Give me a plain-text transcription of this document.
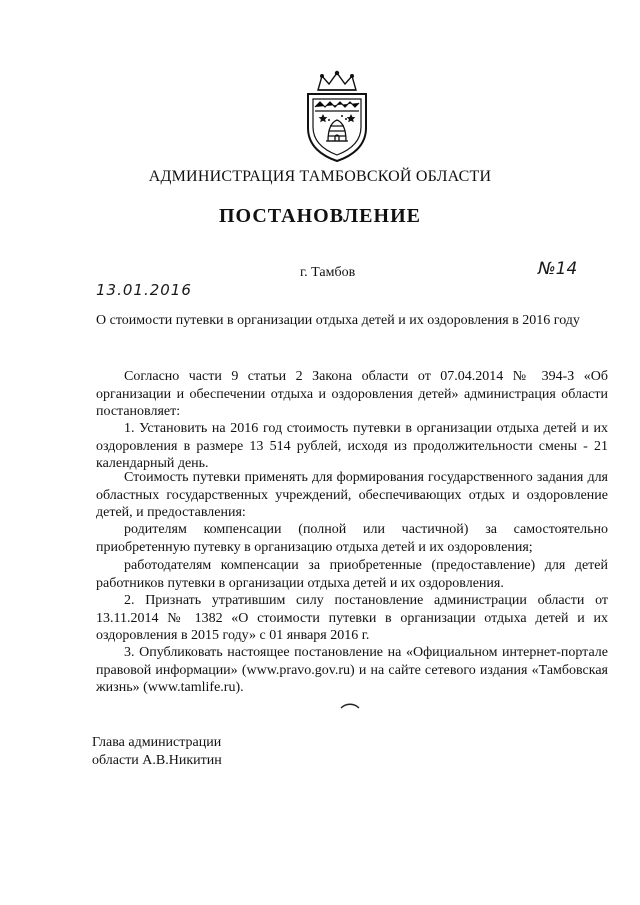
АДМИНИСТРАЦИЯ ТАМБОВСКОЙ ОБЛАСТИ
ПОСТАНОВЛЕНИЕ
г. Тамбов
13.01.2016
№14

О стоимости путевки в организации отдыха детей и их оздоровления в 2016 году

Согласно части 9 статьи 2 Закона области от 07.04.2014 № 394-З «Об организации и обеспечении отдыха и оздоровления детей» администрация области постановляет:

1. Установить на 2016 год стоимость путевки в организации отдыха детей и их оздоровления в размере 13 514 рублей, исходя из продолжительности смены - 21 календарный день.

Стоимость путевки применять для формирования государственного задания для областных государственных учреждений, обеспечивающих отдых и оздоровление детей, и предоставления:

родителям компенсации (полной или частичной) за самостоятельно приобретенную путевку в организацию отдыха детей и их оздоровления;

работодателям компенсации за приобретенные (предоставление) для детей работников путевки в организации отдыха детей и их оздоровления.

2. Признать утратившим силу постановление администрации области от 13.11.2014 № 1382 «О стоимости путевки в организации отдыха детей и их оздоровления в 2015 году» с 01 января 2016 г.

3. Опубликовать настоящее постановление на «Официальном интернет-портале правовой информации» (www.pravo.gov.ru) и на сайте сетевого издания «Тамбовская жизнь» (www.tamlife.ru).

Глава администрации
области А.В.Никитин
